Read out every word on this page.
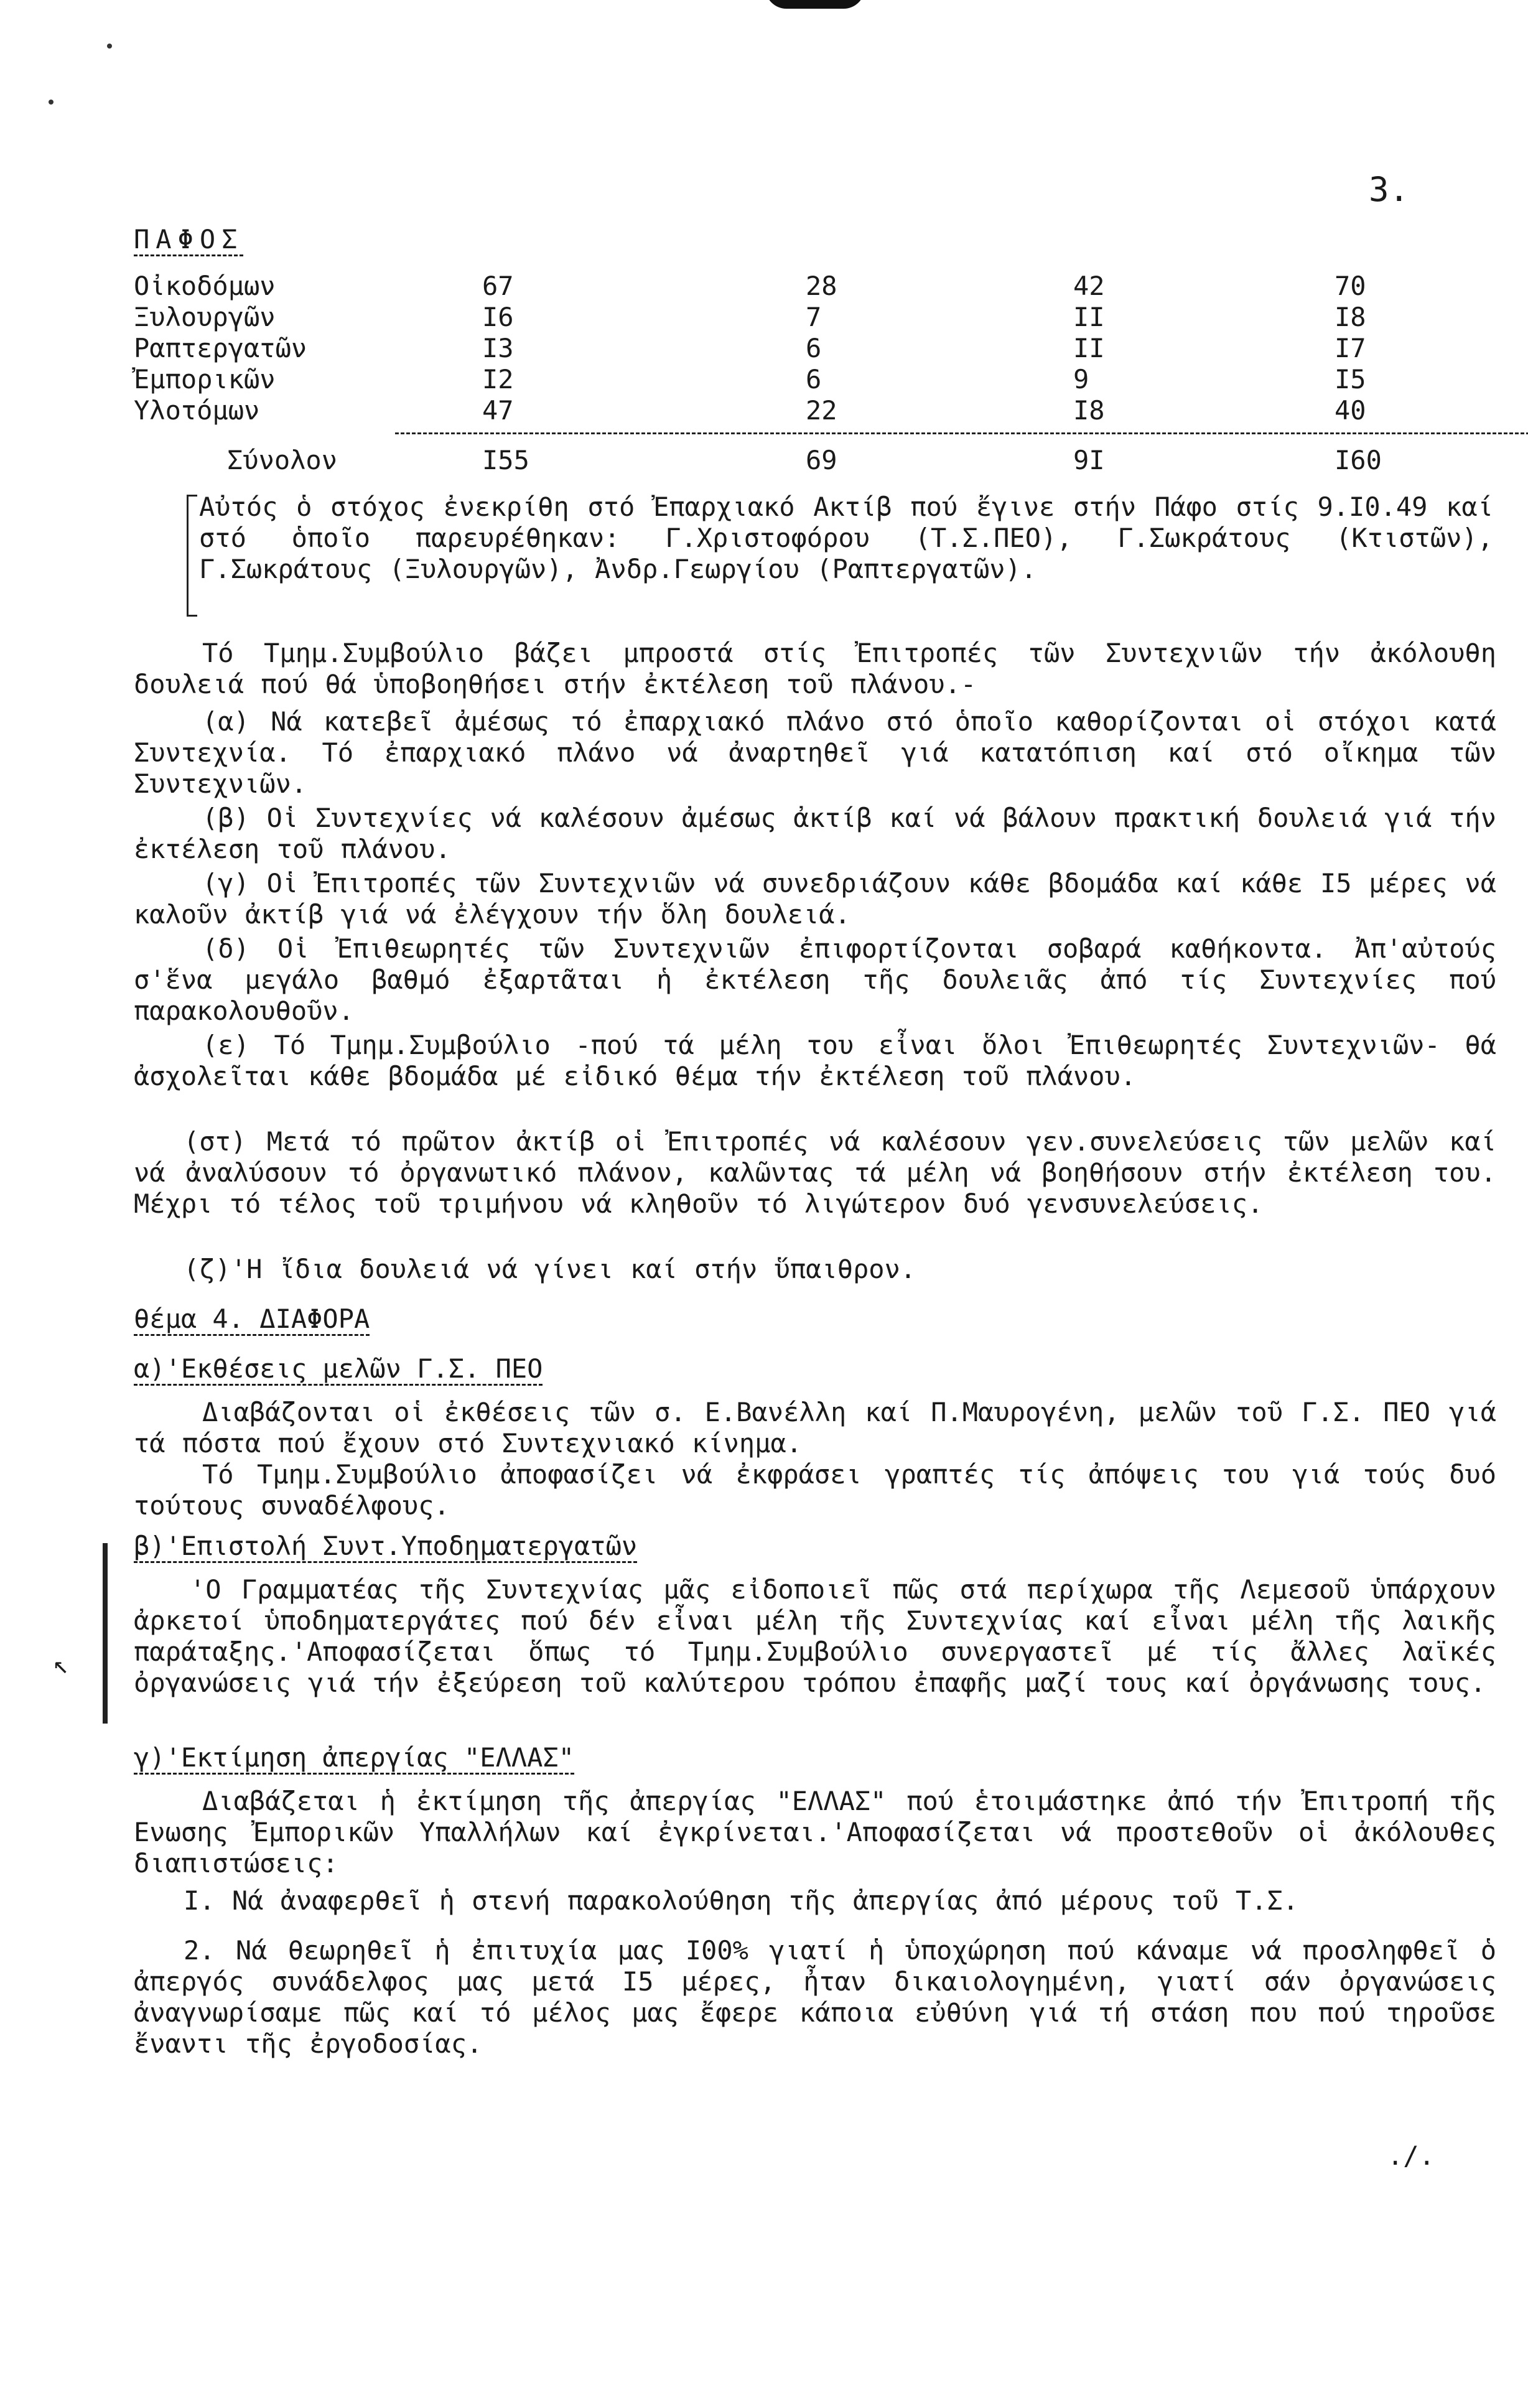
3.
ΠΑΦΟΣ
Οἰκοδόμων	67	28	42	70
Ξυλουργῶν	Ι6	7	ΙΙ	Ι8
Ραπτεργατῶν	Ι3	6	ΙΙ	Ι7
Ἐμπορικῶν	Ι2	6	9	Ι5
Υλοτόμων	47	22	Ι8	40
Σύνολον	Ι55	69	9Ι	Ι60
Αὐτός ὁ στόχος ἐνεκρίθη στό Ἐπαρχιακό Ακτίβ πού ἔγινε στήν Πάφο στίς 9.Ι0.49 καί στό ὁποῖο παρευρέθηκαν: Γ.Χριστοφόρου (Τ.Σ.ΠΕΟ), Γ.Σωκράτους (Κτιστῶν), Γ.Σωκράτους (Ξυλουργῶν), Ἀνδρ.Γεωργίου (Ραπτεργατῶν).
Τό Τμημ.Συμβούλιο βάζει μπροστά στίς Ἐπιτροπές τῶν Συντεχνιῶν τήν ἀκόλουθη δουλειά πού θά ὑποβοηθήσει στήν ἐκτέλεση τοῦ πλάνου.-
(α) Νά κατεβεῖ ἀμέσως τό ἐπαρχιακό πλάνο στό ὁποῖο καθορίζονται οἱ στόχοι κατά Συντεχνία. Τό ἐπαρχιακό πλάνο νά ἀναρτηθεῖ γιά κατατόπιση καί στό οἴκημα τῶν Συντεχνιῶν.
(β) Οἱ Συντεχνίες νά καλέσουν ἀμέσως ἀκτίβ καί νά βάλουν πρακτική δουλειά γιά τήν ἐκτέλεση τοῦ πλάνου.
(γ) Οἱ Ἐπιτροπές τῶν Συντεχνιῶν νά συνεδριάζουν κάθε βδομάδα καί κάθε Ι5 μέρες νά καλοῦν ἀκτίβ γιά νά ἐλέγχουν τήν ὅλη δουλειά.
(δ) Οἱ Ἐπιθεωρητές τῶν Συντεχνιῶν ἐπιφορτίζονται σοβαρά καθήκοντα. Ἀπ'αὐτούς σ'ἕνα μεγάλο βαθμό ἐξαρτᾶται ἡ ἐκτέλεση τῆς δουλειᾶς ἀπό τίς Συντεχνίες πού παρακολουθοῦν.
(ε) Τό Τμημ.Συμβούλιο -πού τά μέλη του εἶναι ὅλοι Ἐπιθεωρητές Συντεχνιῶν- θά ἀσχολεῖται κάθε βδομάδα μέ εἰδικό θέμα τήν ἐκτέλεση τοῦ πλάνου.
(στ) Μετά τό πρῶτον ἀκτίβ οἱ Ἐπιτροπές νά καλέσουν γεν.συνελεύσεις τῶν μελῶν καί νά ἀναλύσουν τό ὀργανωτικό πλάνον, καλῶντας τά μέλη νά βοηθήσουν στήν ἐκτέλεση του. Μέχρι τό τέλος τοῦ τριμήνου νά κληθοῦν τό λιγώτερον δυό γενσυνελεύσεις.
(ζ)'Η ἴδια δουλειά νά γίνει καί στήν ὕπαιθρον.
θέμα 4. ΔΙΑΦΟΡΑ
α)'Εκθέσεις μελῶν Γ.Σ. ΠΕΟ
Διαβάζονται οἱ ἐκθέσεις τῶν σ. Ε.Βανέλλη καί Π.Μαυρογένη, μελῶν τοῦ Γ.Σ. ΠΕΟ γιά τά πόστα πού ἔχουν στό Συντεχνιακό κίνημα.
Τό Τμημ.Συμβούλιο ἀποφασίζει νά ἐκφράσει γραπτές τίς ἀπόψεις του γιά τούς δυό τούτους συναδέλφους.
↖
β)'Επιστολή Συντ.Υποδηματεργατῶν
'Ο Γραμματέας τῆς Συντεχνίας μᾶς εἰδοποιεῖ πῶς στά περίχωρα τῆς Λεμεσοῦ ὑπάρχουν ἀρκετοί ὑποδηματεργάτες πού δέν εἶναι μέλη τῆς Συντεχνίας καί εἶναι μέλη τῆς λαικῆς παράταξης.'Αποφασίζεται ὅπως τό Τμημ.Συμβούλιο συνεργαστεῖ μέ τίς ἄλλες λαϊκές ὀργανώσεις γιά τήν ἐξεύρεση τοῦ καλύτερου τρόπου ἐπαφῆς μαζί τους καί ὀργάνωσης τους.
γ)'Εκτίμηση ἀπεργίας "ΕΛΛΑΣ"
Διαβάζεται ἡ ἐκτίμηση τῆς ἀπεργίας "ΕΛΛΑΣ" πού ἑτοιμάστηκε ἀπό τήν Ἐπιτροπή τῆς Ενωσης Ἐμπορικῶν Υπαλλήλων καί ἐγκρίνεται.'Αποφασίζεται νά προστεθοῦν οἱ ἀκόλουθες διαπιστώσεις:
Ι. Νά ἀναφερθεῖ ἡ στενή παρακολούθηση τῆς ἀπεργίας ἀπό μέρους τοῦ Τ.Σ.
2. Νά θεωρηθεῖ ἡ ἐπιτυχία μας Ι00% γιατί ἡ ὑποχώρηση πού κάναμε νά προσληφθεῖ ὁ ἀπεργός συνάδελφος μας μετά Ι5 μέρες, ἦταν δικαιολογημένη, γιατί σάν ὀργανώσεις ἀναγνωρίσαμε πῶς καί τό μέλος μας ἔφερε κάποια εὐθύνη γιά τή στάση που πού τηροῦσε ἔναντι τῆς ἐργοδοσίας.
./.
